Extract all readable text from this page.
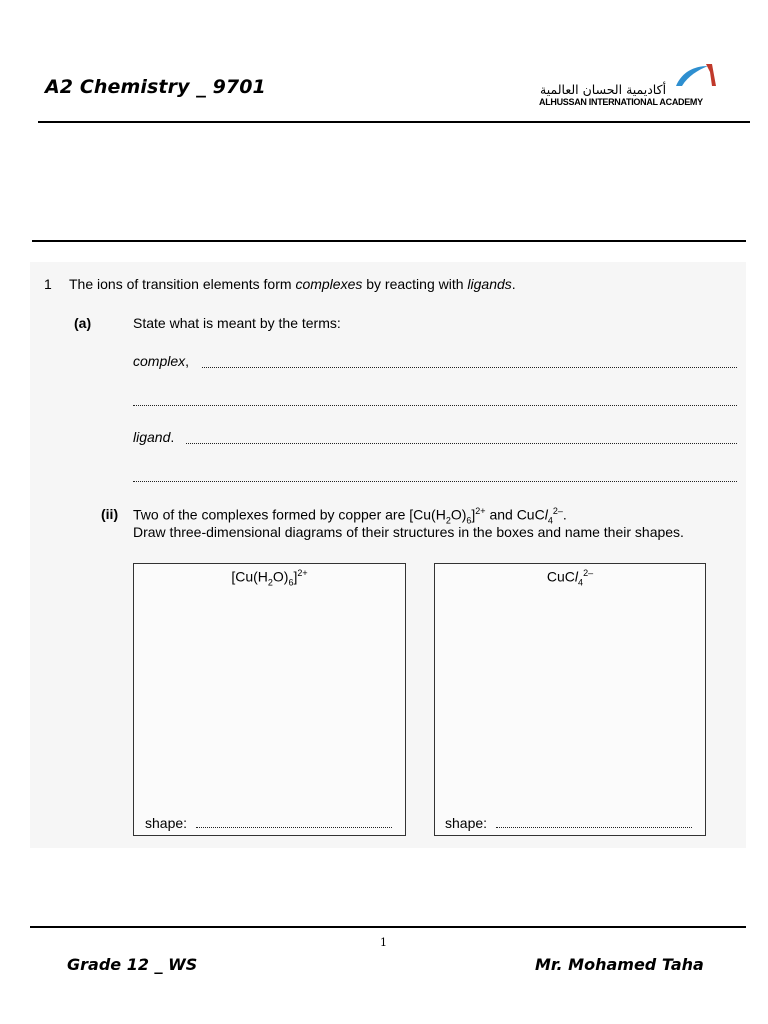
A2 Chemistry _ 9701	أكاديمية الحسان العالمية
ALHUSSAN INTERNATIONAL ACADEMY
1 The ions of transition elements form complexes by reacting with ligands.
(a)	State what is meant by the terms:
complex,
ligand.
(ii) Two of the complexes formed by copper are $[Cu(H_2O)_6]^{2+}$ and CuCl$_4^{2-}$.
Draw three-dimensional diagrams of their structures in the boxes and name their shapes.
$[Cu(H_2O)_6]^{2+}$
shape:
CuCl$_4^{2-}$
shape:
1
Grade 12 _ WS	Mr. Mohamed Taha
